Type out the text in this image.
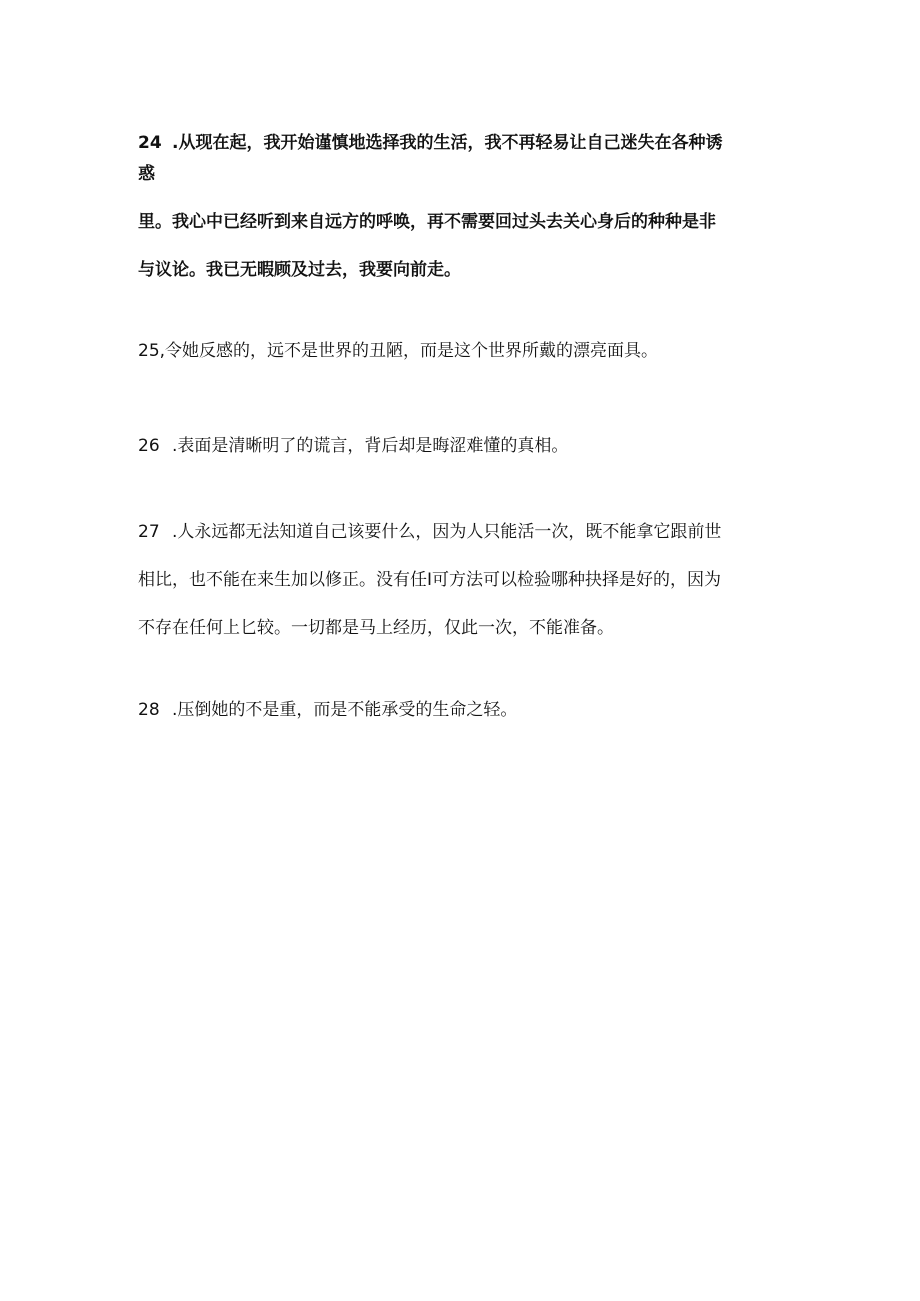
24 .从现在起，我开始谨慎地选择我的生活，我不再轻易让自己迷失在各种诱
惑
里。我心中已经听到来自远方的呼唤，再不需要回过头去关心身后的种种是非
与议论。我已无暇顾及过去，我要向前走。
25,令她反感的，远不是世界的丑陋，而是这个世界所戴的漂亮面具。
26 .表面是清晰明了的谎言，背后却是晦涩难懂的真相。
27 .人永远都无法知道自己该要什么，因为人只能活一次，既不能拿它跟前世
相比，也不能在来生加以修正。没有任I可方法可以检验哪种抉择是好的，因为
不存在任何上匕较。一切都是马上经历，仅此一次，不能准备。
28 .压倒她的不是重，而是不能承受的生命之轻。
